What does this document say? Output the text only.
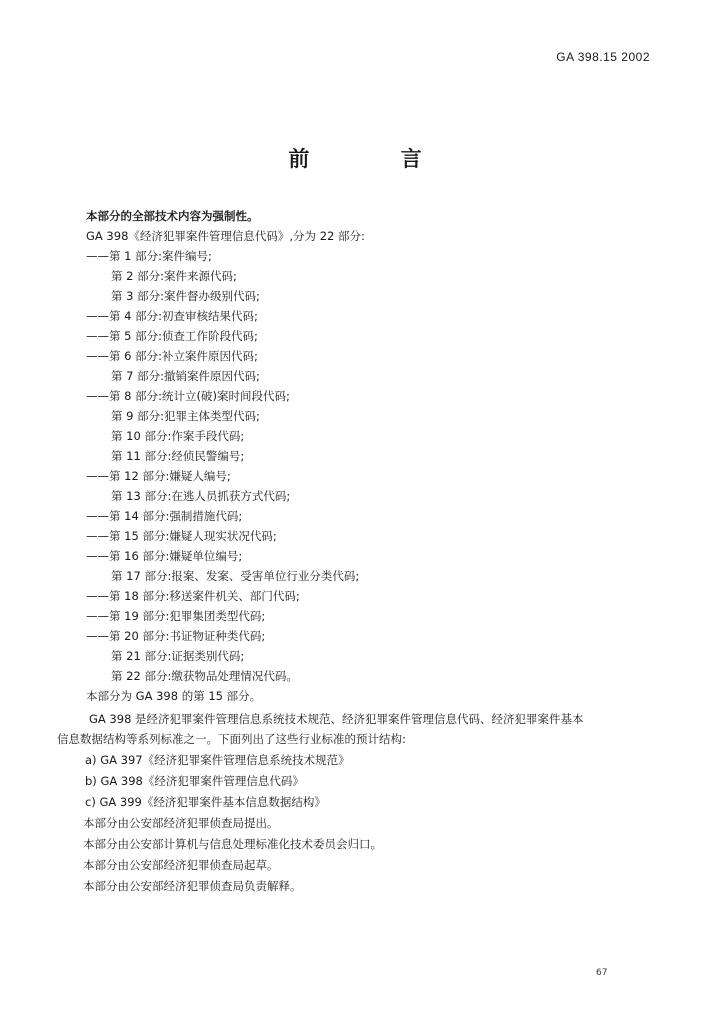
GA 398.15 2002
前 言
本部分的全部技术内容为强制性。
GA 398《经济犯罪案件管理信息代码》,分为 22 部分:
——第 1 部分:案件编号;
第 2 部分:案件来源代码;
第 3 部分:案件督办级别代码;
——第 4 部分:初查审核结果代码;
——第 5 部分:侦查工作阶段代码;
——第 6 部分:补立案件原因代码;
第 7 部分:撤销案件原因代码;
——第 8 部分:统计立(破)案时间段代码;
第 9 部分:犯罪主体类型代码;
第 10 部分:作案手段代码;
第 11 部分:经侦民警编号;
——第 12 部分:嫌疑人编号;
第 13 部分:在逃人员抓获方式代码;
——第 14 部分:强制措施代码;
——第 15 部分:嫌疑人现实状况代码;
——第 16 部分:嫌疑单位编号;
第 17 部分:报案、发案、受害单位行业分类代码;
——第 18 部分:移送案件机关、部门代码;
——第 19 部分:犯罪集团类型代码;
——第 20 部分:书证物证种类代码;
第 21 部分:证据类别代码;
第 22 部分:缴获物品处理情况代码。
本部分为 GA 398 的第 15 部分。
GA 398 是经济犯罪案件管理信息系统技术规范、经济犯罪案件管理信息代码、经济犯罪案件基本
信息数据结构等系列标准之一。下面列出了这些行业标准的预计结构:
a) GA 397《经济犯罪案件管理信息系统技术规范》
b) GA 398《经济犯罪案件管理信息代码》
c) GA 399《经济犯罪案件基本信息数据结构》
本部分由公安部经济犯罪侦查局提出。
本部分由公安部计算机与信息处理标准化技术委员会归口。
本部分由公安部经济犯罪侦查局起草。
本部分由公安部经济犯罪侦查局负责解释。
67
